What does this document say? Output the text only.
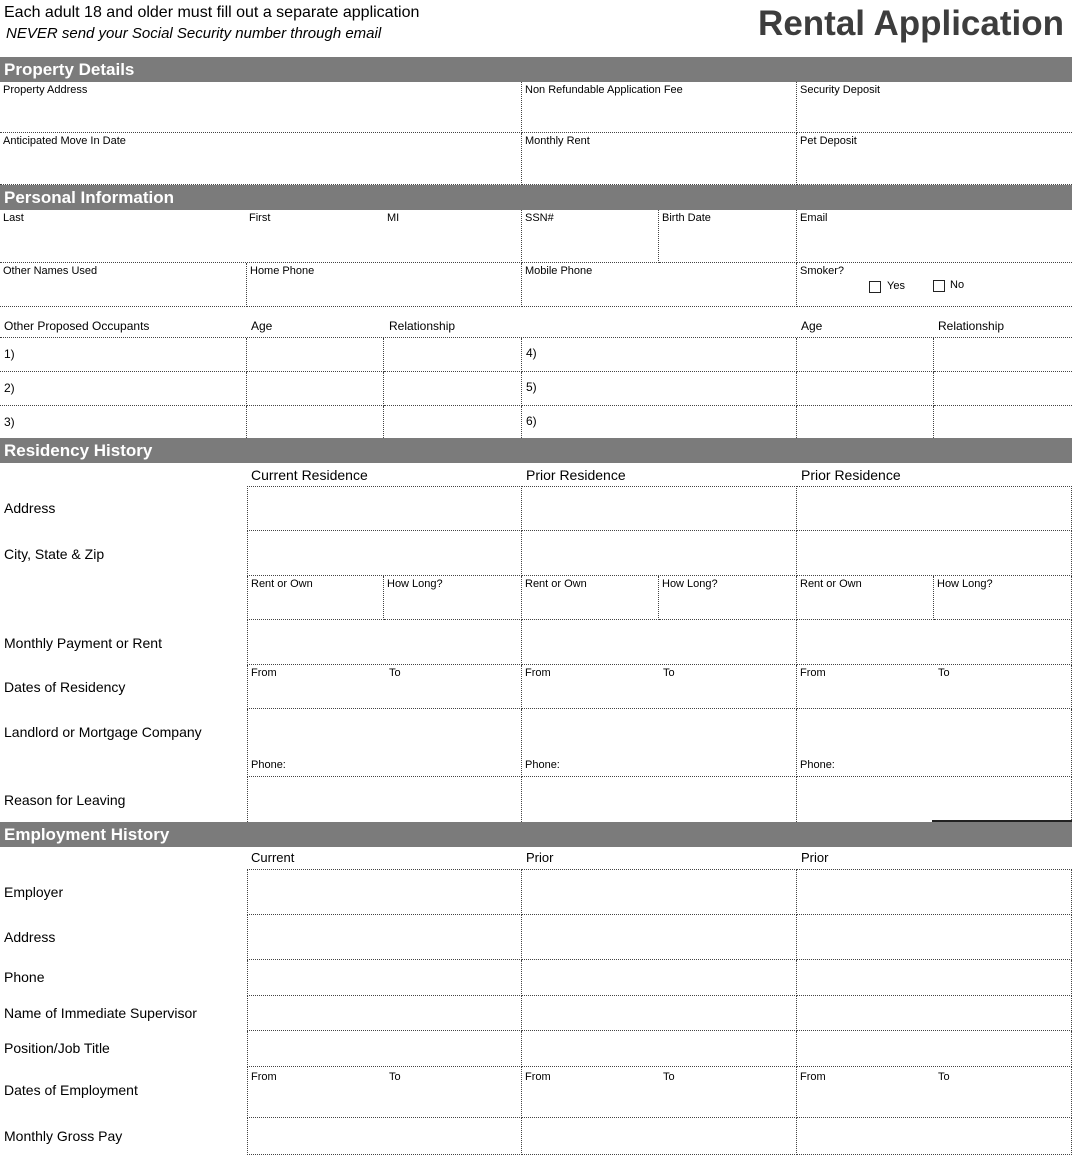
Each adult 18 and older must fill out a separate application
NEVER send your Social Security number through email	Rental Application
Property Details
Property Address	Non Refundable Application Fee	Security Deposit
Anticipated Move In Date	Monthly Rent	Pet Deposit
Personal Information
Last	First	MI	SSN#	Birth Date	Email
Other Names Used	Home Phone	Mobile Phone	Smoker?
Yes	No
Other Proposed Occupants	Age	Relationship	Age	Relationship
1)	4)
2)	5)
3)	6)
Residency History
Current Residence	Prior Residence	Prior Residence
Address
City, State & Zip
Rent or Own	How Long?	Rent or Own	How Long?	Rent or Own	How Long?
Monthly Payment or Rent
Dates of Residency
From	To	From	To	From	To
Landlord or Mortgage Company
Phone:	Phone:	Phone:
Reason for Leaving
Employment History
Current	Prior	Prior
Employer
Address
Phone
Name of Immediate Supervisor
Position/Job Title
Dates of Employment
From	To	From	To	From	To
Monthly Gross Pay
